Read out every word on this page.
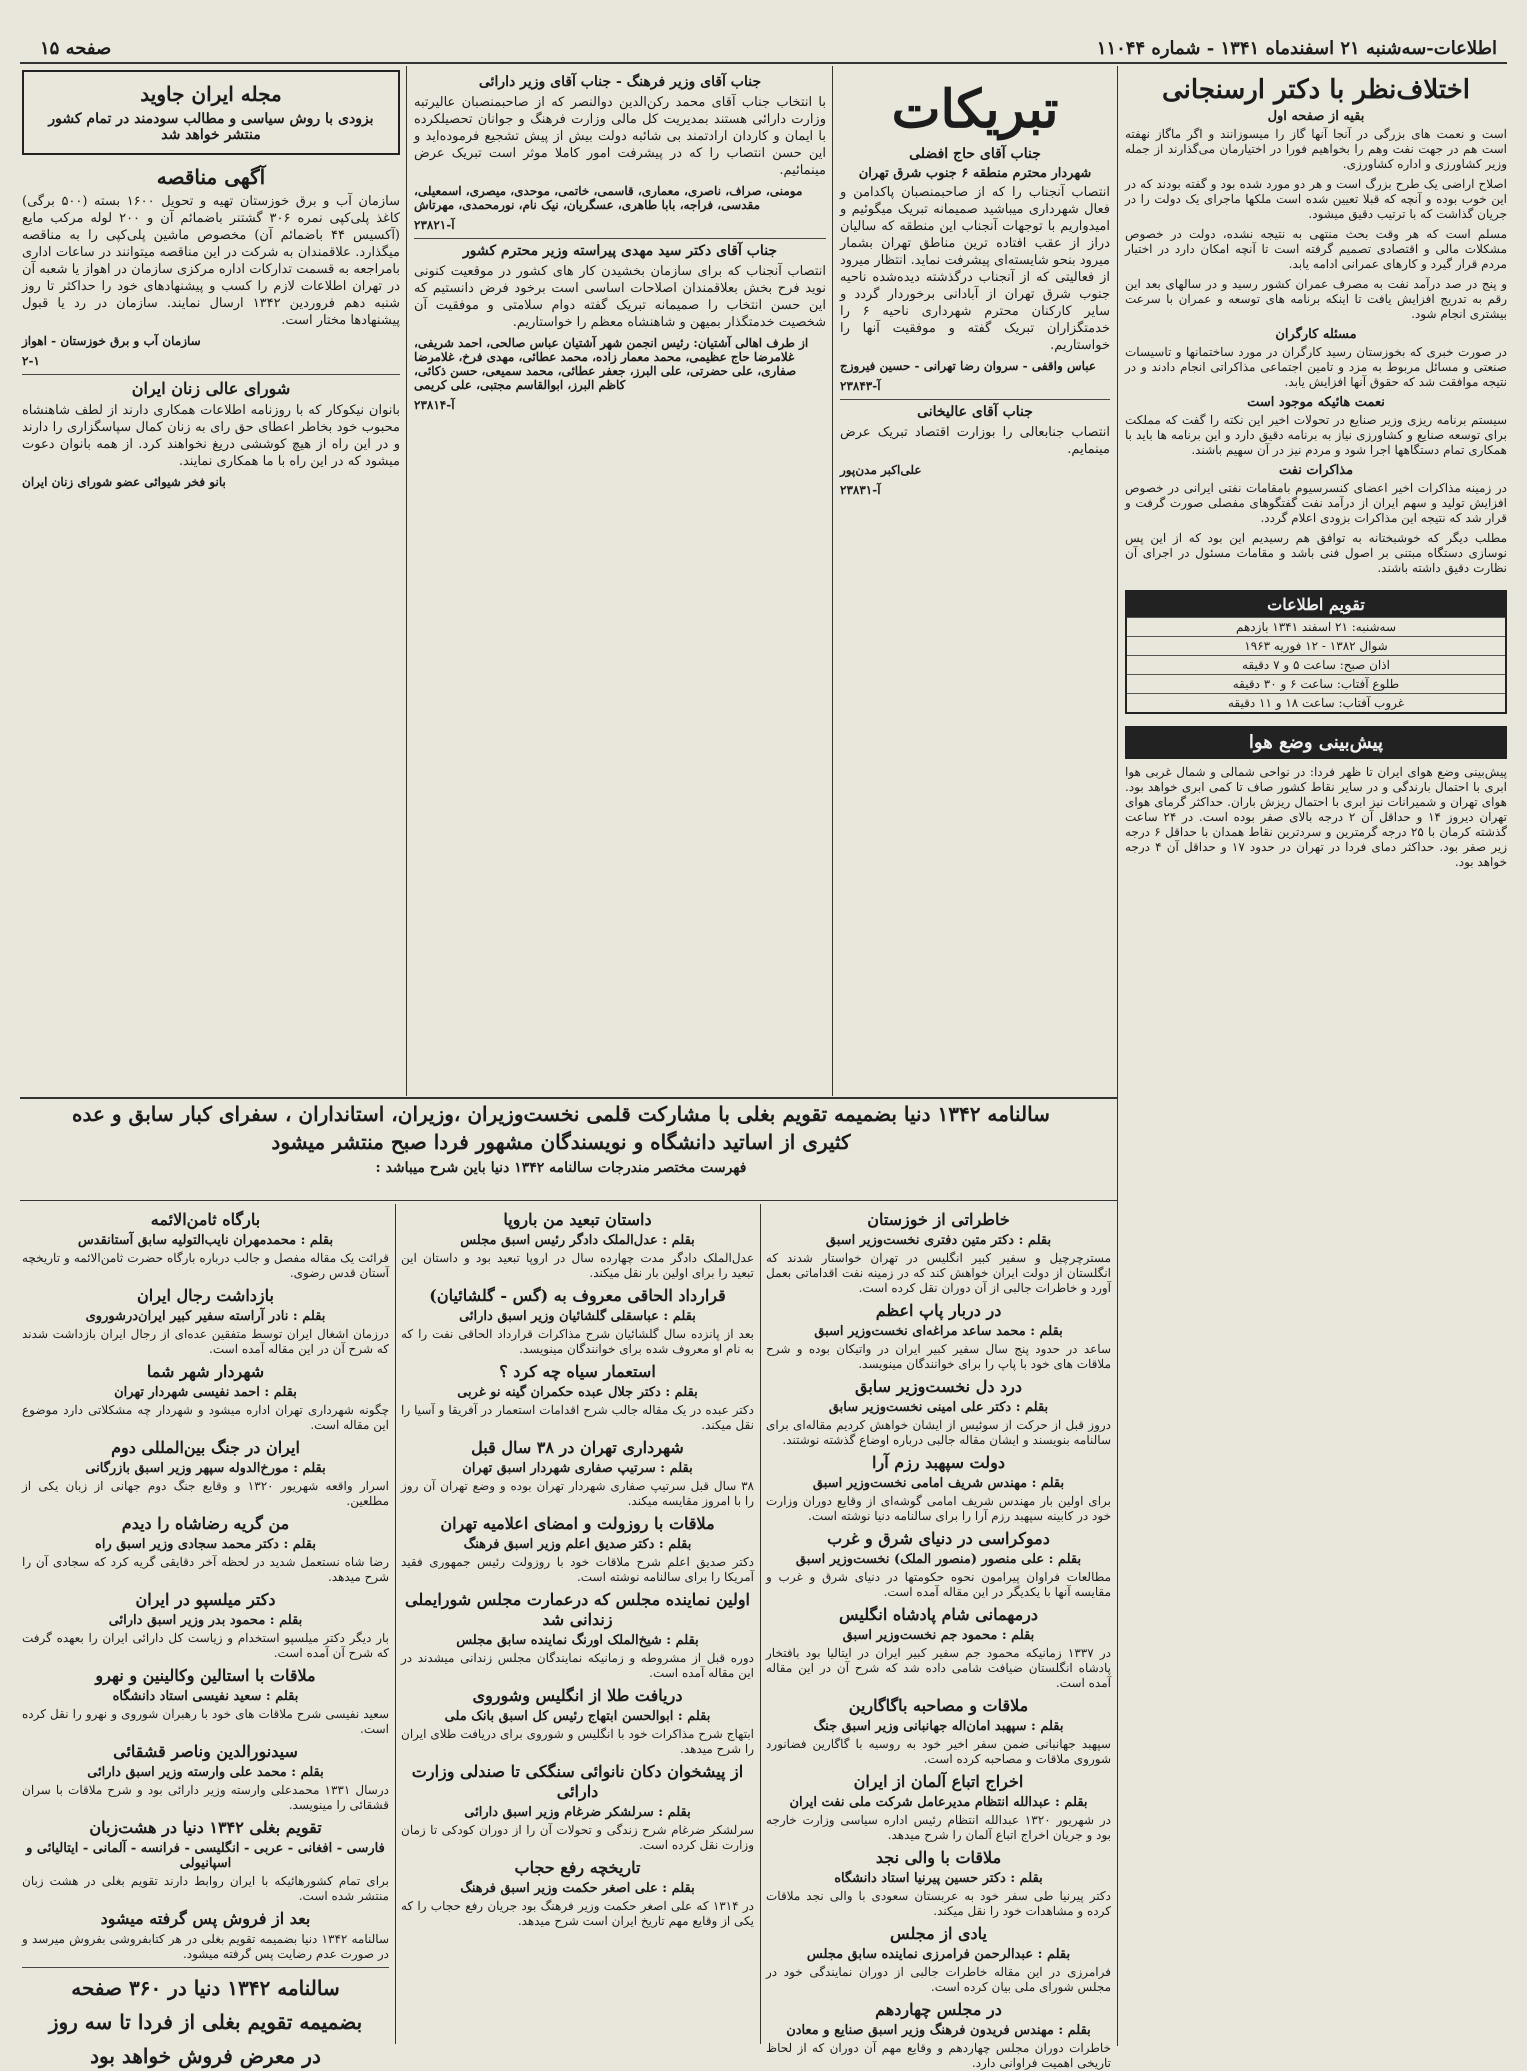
اطلاعات-سه‌شنبه ۲۱ اسفندماه ۱۳۴۱ - شماره ۱۱۰۴۴
صفحه ۱۵
اختلاف‌نظر با دکتر ارسنجانی
بقیه از صفحه اول

است و نعمت های بزرگی در آنجا آنها گاز را میسوزانند و اگر ماگاز نهفته است هم در جهت نفت وهم را بخواهیم فورا در اختیارمان می‌گذارند از جمله وزیر کشاورزی و اداره کشاورزی.

اصلاح اراضی یک طرح بزرگ است و هر دو مورد شده بود و گفته بودند که در این خوب بوده و آنچه که قبلا تعیین شده است ملکها ماجرای یک دولت را در جریان گذاشت که با ترتیب دقیق میشود.

مسلم است که هر وقت بحث منتهی به نتیجه نشده، دولت در خصوص مشکلات مالی و اقتصادی تصمیم گرفته است تا آنچه امکان دارد در اختیار مردم قرار گیرد و کارهای عمرانی ادامه یابد.

و پنج در صد درآمد نفت به مصرف عمران کشور رسید و در سالهای بعد این رقم به تدریج افزایش یافت تا اینکه برنامه های توسعه و عمران با سرعت بیشتری انجام شود.

مسئله کارگران

در صورت خبری که بخوزستان رسید کارگران در مورد ساختمانها و تاسیسات صنعتی و مسائل مربوط به مزد و تامین اجتماعی مذاکراتی انجام دادند و در نتیجه موافقت شد که حقوق آنها افزایش یابد.

نعمت هائیکه موجود است

سیستم برنامه ریزی وزیر صنایع در تحولات اخیر این نکته را گفت که مملکت برای توسعه صنایع و کشاورزی نیاز به برنامه دقیق دارد و این برنامه ها باید با همکاری تمام دستگاهها اجرا شود و مردم نیز در آن سهیم باشند.

مذاکرات نفت

در زمینه مذاکرات اخیر اعضای کنسرسیوم بامقامات نفتی ایرانی در خصوص افزایش تولید و سهم ایران از درآمد نفت گفتگوهای مفصلی صورت گرفت و قرار شد که نتیجه این مذاکرات بزودی اعلام گردد.

مطلب دیگر که خوشبختانه به توافق هم رسیدیم این بود که از این پس نوسازی دستگاه مبتنی بر اصول فنی باشد و مقامات مسئول در اجرای آن نظارت دقیق داشته باشند.

تقویم اطلاعات
سه‌شنبه: ۲۱ اسفند ۱۳۴۱ بازدهم
شوال ۱۳۸۲ - ۱۲ فوریه ۱۹۶۳
اذان صبح: ساعت ۵ و ۷ دقیقه
طلوع آفتاب: ساعت ۶ و ۳۰ دقیقه
غروب آفتاب: ساعت ۱۸ و ۱۱ دقیقه
پیش‌بینی وضع هوا

پیش‌بینی وضع هوای ایران تا ظهر فردا: در نواحی شمالی و شمال غربی هوا ابری با احتمال بارندگی و در سایر نقاط کشور صاف تا کمی ابری خواهد بود. هوای تهران و شمیرانات نیز ابری با احتمال ریزش باران. حداکثر گرمای هوای تهران دیروز ۱۴ و حداقل آن ۲ درجه بالای صفر بوده است. در ۲۴ ساعت گذشته کرمان با ۲۵ درجه گرمترین و سردترین نقاط همدان با حداقل ۶ درجه زیر صفر بود. حداکثر دمای فردا در تهران در حدود ۱۷ و حداقل آن ۴ درجه خواهد بود.

تبریکات
جناب آقای حاج افضلی
شهردار محترم منطقه ۶ جنوب شرق تهران

انتصاب آنجناب را که از صاحبمنصبان پاکدامن و فعال شهرداری میباشید صمیمانه تبریک میگوئیم و امیدواریم با توجهات آنجناب این منطقه که سالیان دراز از عقب افتاده ترین مناطق تهران بشمار میرود بنحو شایسته‌ای پیشرفت نماید. انتظار میرود از فعالیتی که از آنجناب درگذشته دیده‌شده ناحیه جنوب شرق تهران از آبادانی برخوردار گردد و سایر کارکنان محترم شهرداری ناحیه ۶ را خدمتگزاران تبریک گفته و موفقیت آنها را خواستاریم.

عباس واقفی - سروان رضا تهرانی - حسین فیروزج
آ-۲۳۸۴۳
جناب آقای عالیخانی

انتصاب جنابعالی را بوزارت اقتصاد تبریک عرض مینمایم.

علی‌اکبر مدن‌پور
آ-۲۳۸۳۱
جناب آقای وزیر فرهنگ - جناب آقای وزیر دارائی

با انتخاب جناب آقای محمد رکن‌الدین دوالنصر که از صاحبمنصبان عالیرتبه وزارت دارائی هستند بمدیریت کل مالی وزارت فرهنگ و جوانان تحصیلکرده با ایمان و کاردان ارادتمند بی شائبه دولت بیش از پیش تشجیع فرموده‌اید و این حسن انتصاب را که در پیشرفت امور کاملا موثر است تبریک عرض مینمائیم.

مومنی، صراف، ناصری، معماری، قاسمی، خاتمی، موحدی، میصری، اسمعیلی، مقدسی، فراجه، بابا طاهری، عسگریان، نیک نام، نورمحمدی، مهرتاش
آ-۲۳۸۲۱
جناب آقای دکتر سید مهدی پیراسته وزیر محترم کشور

انتصاب آنجناب که برای سازمان بخشیدن کار های کشور در موقعیت کنونی نوید فرح بخش بعلاقمندان اصلاحات اساسی است برخود فرض دانستیم که این حسن انتخاب را صمیمانه تبریک گفته دوام سلامتی و موفقیت آن شخصیت خدمتگذار بمیهن و شاهنشاه معظم را خواستاریم.

از طرف اهالی آشتیان: رئیس انجمن شهر آشتیان عباس صالحی، احمد شریفی، غلامرضا حاج عظیمی، محمد معمار زاده، محمد عطائی، مهدی فرخ، غلامرضا صفاری، علی حضرتی، علی البرز، جعفر عطائی، محمد سمیعی، حسن ذکائی، کاظم البرز، ابوالقاسم مجتبی، علی کریمی
آ-۲۳۸۱۴
مجله ایران جاوید
بزودی با روش سیاسی و مطالب سودمند در تمام کشور منتشر خواهد شد
آگهی مناقصه

سازمان آب و برق خوزستان تهیه و تحویل ۱۶۰۰ بسته (۵۰۰ برگی) کاغذ پلی‌کپی نمره ۳۰۶ گشتنر باضمائم آن و ۲۰۰ لوله مرکب مایع (آکسیس ۴۴ باضمائم آن) مخصوص ماشین پلی‌کپی را به مناقصه میگذارد. علاقمندان به شرکت در این مناقصه میتوانند در ساعات اداری بامراجعه به قسمت تدارکات اداره مرکزی سازمان در اهواز یا شعبه آن در تهران اطلاعات لازم را کسب و پیشنهادهای خود را حداکثر تا روز شنبه دهم فروردین ۱۳۴۲ ارسال نمایند. سازمان در رد یا قبول پیشنهادها مختار است.

سازمان آب و برق خوزستان - اهواز
۲-۱
شورای عالی زنان ایران

بانوان نیکوکار که با روزنامه اطلاعات همکاری دارند از لطف شاهنشاه محبوب خود بخاطر اعطای حق رای به زنان کمال سپاسگزاری را دارند و در این راه از هیچ کوششی دریغ نخواهند کرد. از همه بانوان دعوت میشود که در این راه با ما همکاری نمایند.

بانو فخر شیوائی عضو شورای زنان ایران
سالنامه ۱۳۴۲ دنیا بضمیمه تقویم بغلی با مشارکت قلمی نخست‌وزیران ،وزیران، استانداران ، سفرای کبار سابق و عده
کثیری از اساتید دانشگاه و نویسندگان مشهور فردا صبح منتشر میشود
فهرست مختصر مندرجات سالنامه ۱۳۴۲ دنیا باین شرح میباشد :
خاطراتی از خوزستان
بقلم : دکتر متین دفتری نخست‌وزیر اسبق

مسترچرچیل و سفیر کبیر انگلیس در تهران خواستار شدند که انگلستان از دولت ایران خواهش کند که در زمینه نفت اقداماتی بعمل آورد و خاطرات جالبی از آن دوران نقل کرده است.

در دربار پاپ اعظم
بقلم : محمد ساعد مراغه‌ای نخست‌وزیر اسبق

ساعد در حدود پنج سال سفیر کبیر ایران در واتیکان بوده و شرح ملاقات های خود با پاپ را برای خوانندگان مینویسد.

درد دل نخست‌وزیر سابق
بقلم : دکتر علی امینی نخست‌وزیر سابق

دروز قبل از حرکت از سوئیس از ایشان خواهش کردیم مقاله‌ای برای سالنامه بنویسند و ایشان مقاله جالبی درباره اوضاع گذشته نوشتند.

دولت سپهبد رزم آرا
بقلم : مهندس شریف امامی نخست‌وزیر اسبق

برای اولین بار مهندس شریف امامی گوشه‌ای از وقایع دوران وزارت خود در کابینه سپهبد رزم آرا را برای سالنامه دنیا نوشته است.

دموکراسی در دنیای شرق و غرب
بقلم : علی منصور (منصور الملک) نخست‌وزیر اسبق

مطالعات فراوان پیرامون نحوه حکومتها در دنیای شرق و غرب و مقایسه آنها با یکدیگر در این مقاله آمده است.

درمهمانی شام پادشاه انگلیس
بقلم : محمود جم نخست‌وزیر اسبق

در ۱۳۳۷ زمانیکه محمود جم سفیر کبیر ایران در ایتالیا بود بافتخار پادشاه انگلستان ضیافت شامی داده شد که شرح آن در این مقاله آمده است.

ملاقات و مصاحبه باگاگارین
بقلم : سپهبد امان‌اله جهانبانی وزیر اسبق جنگ

سپهبد جهانبانی ضمن سفر اخیر خود به روسیه با گاگارین فضانورد شوروی ملاقات و مصاحبه کرده است.

اخراج اتباع آلمان از ایران
بقلم : عبدالله انتظام مدیرعامل شرکت ملی نفت ایران

در شهریور ۱۳۲۰ عبدالله انتظام رئیس اداره سیاسی وزارت خارجه بود و جریان اخراج اتباع آلمان را شرح میدهد.

ملاقات با والی نجد
بقلم : دکتر حسین پیرنیا استاد دانشگاه

دکتر پیرنیا طی سفر خود به عربستان سعودی با والی نجد ملاقات کرده و مشاهدات خود را نقل میکند.

یادی از مجلس
بقلم : عبدالرحمن فرامرزی نماینده سابق مجلس

فرامرزی در این مقاله خاطرات جالبی از دوران نمایندگی خود در مجلس شورای ملی بیان کرده است.

در مجلس چهاردهم
بقلم : مهندس فریدون فرهنگ وزیر اسبق صنایع و معادن

خاطرات دوران مجلس چهاردهم و وقایع مهم آن دوران که از لحاظ تاریخی اهمیت فراوانی دارد.

داستان تبعید من باروپا
بقلم : عدل‌الملک دادگر رئیس اسبق مجلس

عدل‌الملک دادگر مدت چهارده سال در اروپا تبعید بود و داستان این تبعید را برای اولین بار نقل میکند.

قرارداد الحاقی معروف به (گس - گلشائیان)
بقلم : عباسقلی گلشائیان وزیر اسبق دارائی

بعد از پانزده سال گلشائیان شرح مذاکرات قرارداد الحاقی نفت را که به نام او معروف شده برای خوانندگان مینویسد.

استعمار سیاه چه کرد ؟
بقلم : دکتر جلال عبده حکمران گینه نو غربی

دکتر عبده در یک مقاله جالب شرح اقدامات استعمار در آفریقا و آسیا را نقل میکند.

شهرداری تهران در ۳۸ سال قبل
بقلم : سرتیپ صفاری شهردار اسبق تهران

۳۸ سال قبل سرتیپ صفاری شهردار تهران بوده و وضع تهران آن روز را با امروز مقایسه میکند.

ملاقات با روزولت و امضای اعلامیه تهران
بقلم : دکتر صدیق اعلم وزیر اسبق فرهنگ

دکتر صدیق اعلم شرح ملاقات خود با روزولت رئیس جمهوری فقید آمریکا را برای سالنامه نوشته است.

اولین نماینده مجلس که درعمارت مجلس شورایملی زندانی شد
بقلم : شیخ‌الملک اورنگ نماینده سابق مجلس

دوره قبل از مشروطه و زمانیکه نمایندگان مجلس زندانی میشدند در این مقاله آمده است.

دریافت طلا از انگلیس وشوروی
بقلم : ابوالحسن ابتهاج رئیس کل اسبق بانک ملی

ابتهاج شرح مذاکرات خود با انگلیس و شوروی برای دریافت طلای ایران را شرح میدهد.

از پیشخوان دکان نانوائی سنگکی تا صندلی وزارت دارائی
بقلم : سرلشکر ضرغام وزیر اسبق دارائی

سرلشکر ضرغام شرح زندگی و تحولات آن را از دوران کودکی تا زمان وزارت نقل کرده است.

تاریخچه رفع حجاب
بقلم : علی اصغر حکمت وزیر اسبق فرهنگ

در ۱۳۱۴ که علی اصغر حکمت وزیر فرهنگ بود جریان رفع حجاب را که یکی از وقایع مهم تاریخ ایران است شرح میدهد.

بارگاه ثامن‌الائمه
بقلم : محمدمهران نایب‌التولیه سابق آستانقدس

قرائت یک مقاله مفصل و جالب درباره بارگاه حضرت ثامن‌الائمه و تاریخچه آستان قدس رضوی.

بازداشت رجال ایران
بقلم : نادر آراسته سفیر کبیر ایران‌درشوروی

درزمان اشغال ایران توسط متفقین عده‌ای از رجال ایران بازداشت شدند که شرح آن در این مقاله آمده است.

شهردار شهر شما
بقلم : احمد نفیسی شهردار تهران

چگونه شهرداری تهران اداره میشود و شهردار چه مشکلاتی دارد موضوع این مقاله است.

ایران در جنگ بین‌المللی دوم
بقلم : مورخ‌الدوله سپهر وزیر اسبق بازرگانی

اسرار واقعه شهریور ۱۳۲۰ و وقایع جنگ دوم جهانی از زبان یکی از مطلعین.

من گریه رضاشاه را دیدم
بقلم : دکتر محمد سجادی وزیر اسبق راه

رضا شاه نستعمل شدید در لحظه آخر دقایقی گریه کرد که سجادی آن را شرح میدهد.

دکتر میلسپو در ایران
بقلم : محمود بدر وزیر اسبق دارائی

بار دیگر دکتر میلسپو استخدام و زیاست کل دارائی ایران را بعهده گرفت که شرح آن آمده است.

ملاقات با استالین وکالینین و نهرو
بقلم : سعید نفیسی استاد دانشگاه

سعید نفیسی شرح ملاقات های خود با رهبران شوروی و نهرو را نقل کرده است.

سیدنورالدین وناصر قشقائی
بقلم : محمد علی وارسته وزیر اسبق دارائی

درسال ۱۳۳۱ محمدعلی وارسته وزیر دارائی بود و شرح ملاقات با سران قشقائی را مینویسد.

تقویم بغلی ۱۳۴۲ دنیا در هشت‌زبان
فارسی - افغانی - عربی - انگلیسی - فرانسه - آلمانی - ایتالیائی و اسپانیولی

برای تمام کشورهائیکه با ایران روابط دارند تقویم بغلی در هشت زبان منتشر شده است.

بعد از فروش پس گرفته میشود

سالنامه ۱۳۴۲ دنیا بضمیمه تقویم بغلی در هر کتابفروشی بفروش میرسد و در صورت عدم رضایت پس گرفته میشود.

سالنامه ۱۳۴۲ دنیا در ۳۶۰ صفحه
بضمیمه تقویم بغلی از فردا تا سه روز
در معرض فروش خواهد بود
